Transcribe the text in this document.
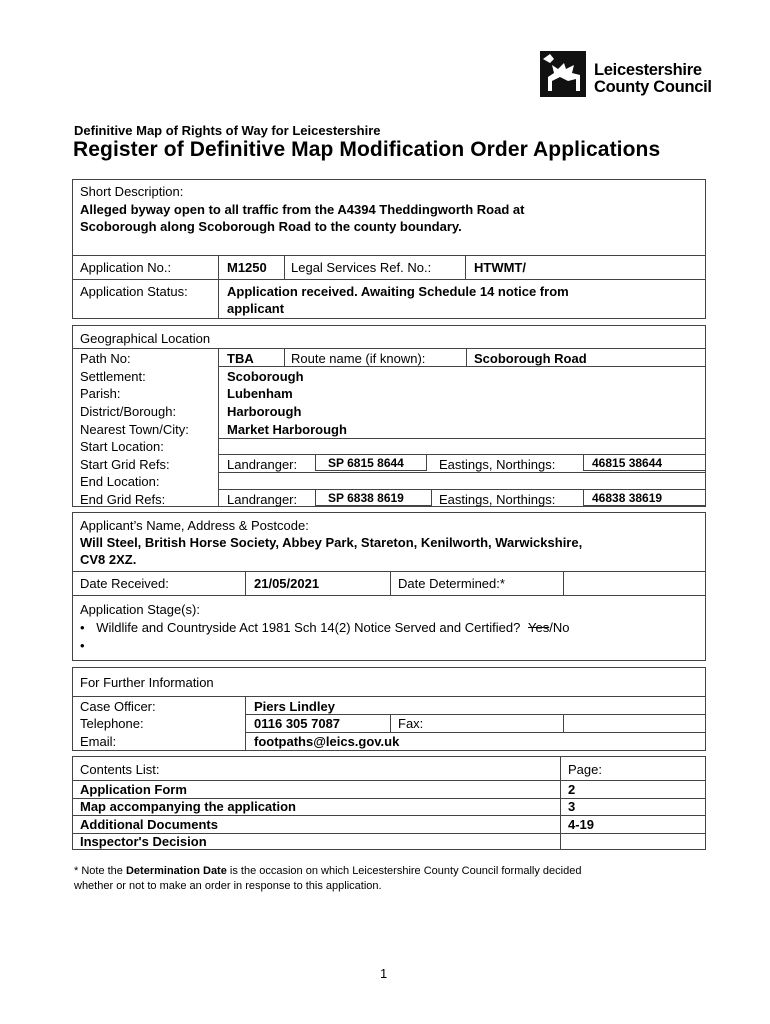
Leicestershire
County Council
Definitive Map of Rights of Way for Leicestershire
Register of Definitive Map Modification Order Applications
Short Description:
Alleged byway open to all traffic from the A4394 Theddingworth Road at
Scoborough along Scoborough Road to the county boundary.
Application No.:	M1250 Legal Services Ref. No.:	HTWMT/
Application Status:	Application received. Awaiting Schedule 14 notice from
applicant
Geographical Location
Path No:	TBA	Route name (if known):	Scoborough Road
Settlement:	Scoborough
Parish:	Lubenham
District/Borough:	Harborough
Nearest Town/City:	Market Harborough
Start Location:
Start Grid Refs:	Landranger:	SP 6815 8644	Eastings, Northings:	46815 38644
End Location:
End Grid Refs:	Landranger:	SP 6838 8619	Eastings, Northings:	46838 38619
Applicant’s Name, Address & Postcode:
Will Steel, British Horse Society, Abbey Park, Stareton, Kenilworth, Warwickshire,
CV8 2XZ.
Date Received:	21/05/2021	Date Determined:*
Application Stage(s):
• Wildlife and Countryside Act 1981 Sch 14(2) Notice Served and Certified? Yes/No
•
For Further Information
Case Officer:	Piers Lindley
Telephone:	0116 305 7087	Fax:
Email:	footpaths@leics.gov.uk
Contents List:	Page:
Application Form	2
Map accompanying the application	3
Additional Documents	4-19
Inspector's Decision
* Note the Determination Date is the occasion on which Leicestershire County Council formally decided
whether or not to make an order in response to this application.
1
